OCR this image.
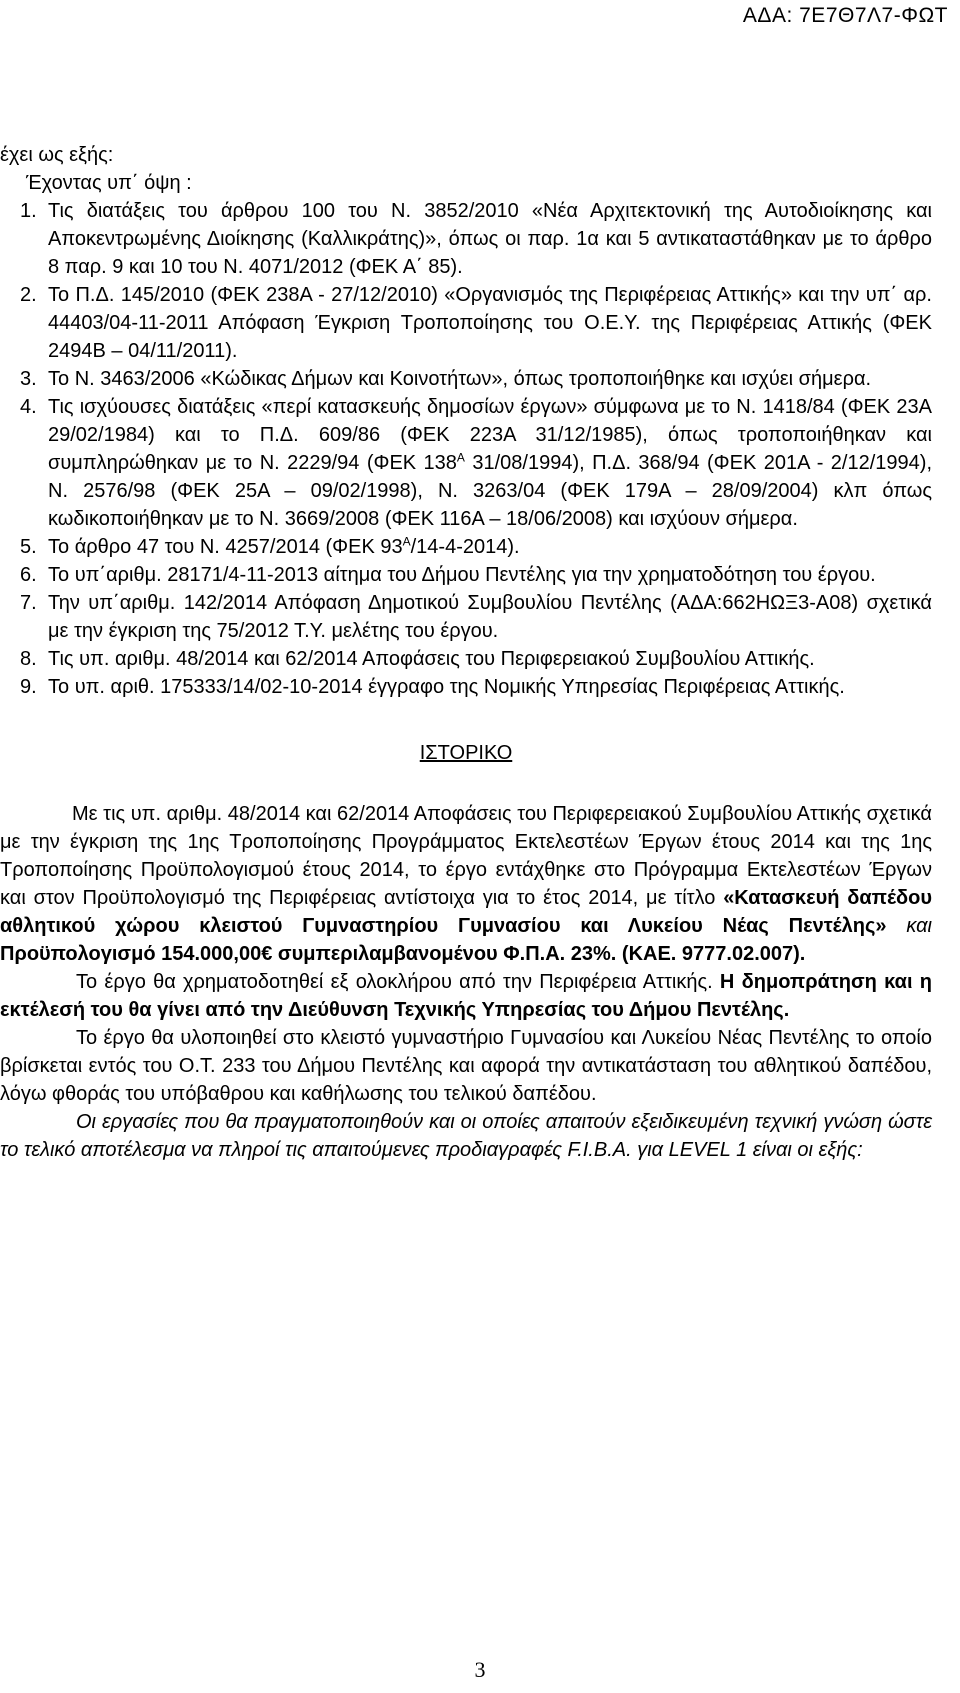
ΑΔΑ: 7Ε7Θ7Λ7-ΦΩΤ
έχει ως εξής:
Έχοντας υπ΄ όψη :
1. Τις διατάξεις του άρθρου 100 του Ν. 3852/2010 «Νέα Αρχιτεκτονική της Αυτοδιοίκησης και Αποκεντρωμένης Διοίκησης (Καλλικράτης)», όπως οι παρ. 1α και 5 αντικαταστάθηκαν με το άρθρο 8 παρ. 9 και 10 του Ν. 4071/2012 (ΦΕΚ Α΄ 85).
2. Το Π.Δ. 145/2010 (ΦΕΚ 238Α - 27/12/2010) «Οργανισμός της Περιφέρειας Αττικής» και την υπ΄ αρ. 44403/04-11-2011 Απόφαση Έγκριση Τροποποίησης του Ο.Ε.Υ. της Περιφέρειας Αττικής (ΦΕΚ 2494Β – 04/11/2011).
3. Το Ν. 3463/2006 «Κώδικας Δήμων και Κοινοτήτων», όπως τροποποιήθηκε και ισχύει σήμερα.
4. Τις ισχύουσες διατάξεις «περί κατασκευής δημοσίων έργων» σύμφωνα με το Ν. 1418/84 (ΦΕΚ 23Α 29/02/1984) και το Π.Δ. 609/86 (ΦΕΚ 223Α 31/12/1985), όπως τροποποιήθηκαν και συμπληρώθηκαν με το Ν. 2229/94 (ΦΕΚ $138^A$ 31/08/1994), Π.Δ. 368/94 (ΦΕΚ 201Α - 2/12/1994), Ν. 2576/98 (ΦΕΚ 25Α – 09/02/1998), Ν. 3263/04 (ΦΕΚ 179Α – 28/09/2004) κλπ όπως κωδικοποιήθηκαν με το Ν. 3669/2008 (ΦΕΚ 116Α – 18/06/2008) και ισχύουν σήμερα.
5. Το άρθρο 47 του Ν. 4257/2014 (ΦΕΚ $93^A/14-4-2014$).
6. Το υπ΄αριθμ. 28171/4-11-2013 αίτημα του Δήμου Πεντέλης για την χρηματοδότηση του έργου.
7. Την υπ΄αριθμ. 142/2014 Απόφαση Δημοτικού Συμβουλίου Πεντέλης (ΑΔΑ:662ΗΩΞ3-Α08) σχετικά με την έγκριση της 75/2012 Τ.Υ. μελέτης του έργου.
8. Τις υπ. αριθμ. 48/2014 και 62/2014 Αποφάσεις του Περιφερειακού Συμβουλίου Αττικής.
9. Το υπ. αριθ. 175333/14/02-10-2014 έγγραφο της Νομικής Υπηρεσίας Περιφέρειας Αττικής.
ΙΣΤΟΡΙΚΟ

Με τις υπ. αριθμ. 48/2014 και 62/2014 Αποφάσεις του Περιφερειακού Συμβουλίου Αττικής σχετικά με την έγκριση της 1ης Τροποποίησης Προγράμματος Εκτελεστέων Έργων έτους 2014 και της 1ης Τροποποίησης Προϋπολογισμού έτους 2014, το έργο εντάχθηκε στο Πρόγραμμα Εκτελεστέων Έργων και στον Προϋπολογισμό της Περιφέρειας αντίστοιχα για το έτος 2014, με τίτλο «Κατασκευή δαπέδου αθλητικού χώρου κλειστού Γυμναστηρίου Γυμνασίου και Λυκείου Νέας Πεντέλης» και Προϋπολογισμό 154.000,00€ συμπεριλαμβανομένου Φ.Π.Α. 23%. (ΚΑΕ. 9777.02.007).

Το έργο θα χρηματοδοτηθεί εξ ολοκλήρου από την Περιφέρεια Αττικής. Η δημοπράτηση και η εκτέλεσή του θα γίνει από την Διεύθυνση Τεχνικής Υπηρεσίας του Δήμου Πεντέλης.

Το έργο θα υλοποιηθεί στο κλειστό γυμναστήριο Γυμνασίου και Λυκείου Νέας Πεντέλης το οποίο βρίσκεται εντός του Ο.Τ. 233 του Δήμου Πεντέλης και αφορά την αντικατάσταση του αθλητικού δαπέδου, λόγω φθοράς του υπόβαθρου και καθήλωσης του τελικού δαπέδου.

Οι εργασίες που θα πραγματοποιηθούν και οι οποίες απαιτούν εξειδικευμένη τεχνική γνώση ώστε το τελικό αποτέλεσμα να πληροί τις απαιτούμενες προδιαγραφές F.I.B.A. για LEVEL 1 είναι οι εξής:

3
